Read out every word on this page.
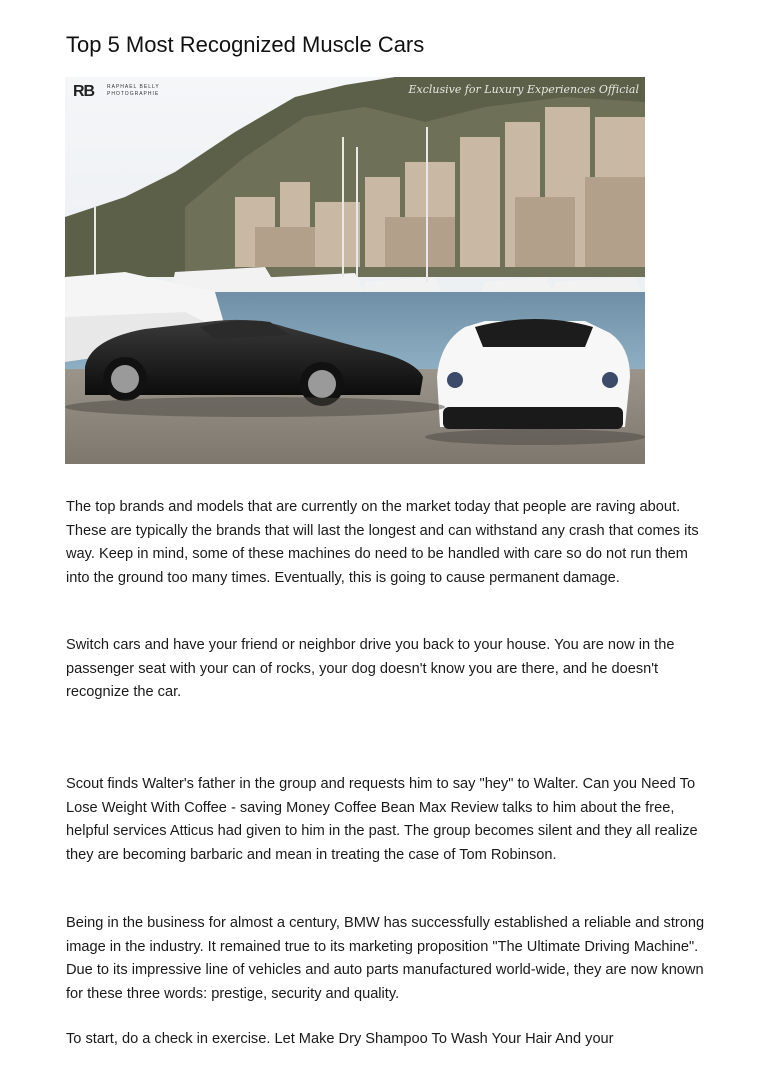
Top 5 Most Recognized Muscle Cars
RB	RAPHAEL BELLY
PHOTOGRAPHIE	Exclusive for Luxury Experiences Official

The top brands and models that are currently on the market today that people are raving about. These are typically the brands that will last the longest and can withstand any crash that comes its way. Keep in mind, some of these machines do need to be handled with care so do not run them into the ground too many times. Eventually, this is going to cause permanent damage.

Switch cars and have your friend or neighbor drive you back to your house. You are now in the passenger seat with your can of rocks, your dog doesn't know you are there, and he doesn't recognize the car.

Scout finds Walter's father in the group and requests him to say "hey" to Walter. Can you Need To Lose Weight With Coffee - saving Money Coffee Bean Max Review talks to him about the free, helpful services Atticus had given to him in the past. The group becomes silent and they all realize they are becoming barbaric and mean in treating the case of Tom Robinson.

Being in the business for almost a century, BMW has successfully established a reliable and strong image in the industry. It remained true to its marketing proposition "The Ultimate Driving Machine". Due to its impressive line of vehicles and auto parts manufactured world-wide, they are now known for these three words: prestige, security and quality.

To start, do a check in exercise. Let Make Dry Shampoo To Wash Your Hair And your
